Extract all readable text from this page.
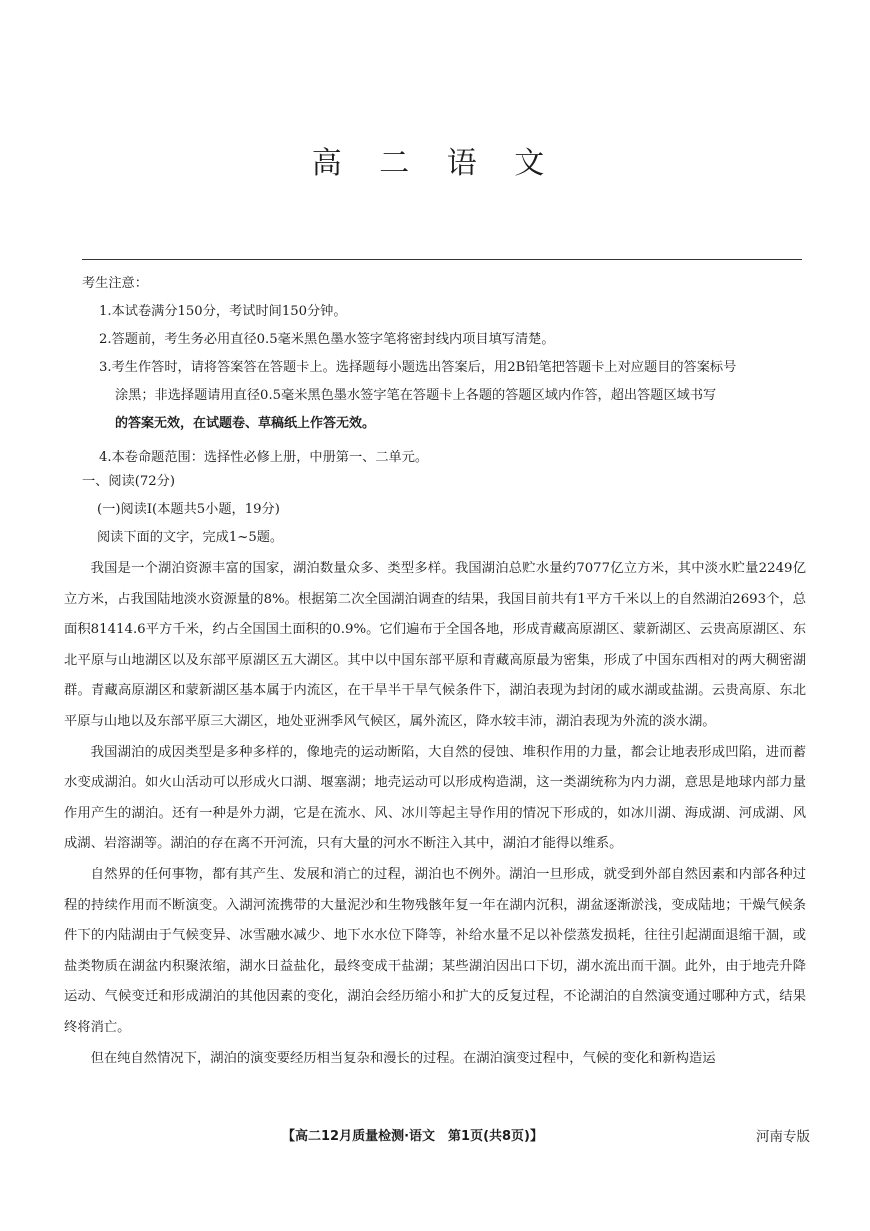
高 二 语 文
考生注意：

1.本试卷满分150分，考试时间150分钟。

2.答题前，考生务必用直径0.5毫米黑色墨水签字笔将密封线内项目填写清楚。

3.考生作答时，请将答案答在答题卡上。选择题每小题选出答案后，用2B铅笔把答题卡上对应题目的答案标号

涂黑；非选择题请用直径0.5毫米黑色墨水签字笔在答题卡上各题的答题区域内作答，超出答题区域书写

的答案无效，在试题卷、草稿纸上作答无效。

4.本卷命题范围：选择性必修上册，中册第一、二单元。

一、阅读(72分)

(一)阅读Ⅰ(本题共5小题，19分)

阅读下面的文字，完成1~5题。

我国是一个湖泊资源丰富的国家，湖泊数量众多、类型多样。我国湖泊总贮水量约7077亿立方米，其中淡水贮量2249亿立方米，占我国陆地淡水资源量的8%。根据第二次全国湖泊调查的结果，我国目前共有1平方千米以上的自然湖泊2693个，总面积81414.6平方千米，约占全国国土面积的0.9%。它们遍布于全国各地，形成青藏高原湖区、蒙新湖区、云贵高原湖区、东北平原与山地湖区以及东部平原湖区五大湖区。其中以中国东部平原和青藏高原最为密集，形成了中国东西相对的两大稠密湖群。青藏高原湖区和蒙新湖区基本属于内流区，在干旱半干旱气候条件下，湖泊表现为封闭的咸水湖或盐湖。云贵高原、东北平原与山地以及东部平原三大湖区，地处亚洲季风气候区，属外流区，降水较丰沛，湖泊表现为外流的淡水湖。

我国湖泊的成因类型是多种多样的，像地壳的运动断陷，大自然的侵蚀、堆积作用的力量，都会让地表形成凹陷，进而蓄水变成湖泊。如火山活动可以形成火口湖、堰塞湖；地壳运动可以形成构造湖，这一类湖统称为内力湖，意思是地球内部力量作用产生的湖泊。还有一种是外力湖，它是在流水、风、冰川等起主导作用的情况下形成的，如冰川湖、海成湖、河成湖、风成湖、岩溶湖等。湖泊的存在离不开河流，只有大量的河水不断注入其中，湖泊才能得以维系。

自然界的任何事物，都有其产生、发展和消亡的过程，湖泊也不例外。湖泊一旦形成，就受到外部自然因素和内部各种过程的持续作用而不断演变。入湖河流携带的大量泥沙和生物残骸年复一年在湖内沉积，湖盆逐渐淤浅，变成陆地；干燥气候条件下的内陆湖由于气候变异、冰雪融水减少、地下水水位下降等，补给水量不足以补偿蒸发损耗，往往引起湖面退缩干涸，或盐类物质在湖盆内积聚浓缩，湖水日益盐化，最终变成干盐湖；某些湖泊因出口下切，湖水流出而干涸。此外，由于地壳升降运动、气候变迁和形成湖泊的其他因素的变化，湖泊会经历缩小和扩大的反复过程，不论湖泊的自然演变通过哪种方式，结果终将消亡。

但在纯自然情况下，湖泊的演变要经历相当复杂和漫长的过程。在湖泊演变过程中，气候的变化和新构造运

【高二12月质量检测·语文　第1页(共8页)】	河南专版
